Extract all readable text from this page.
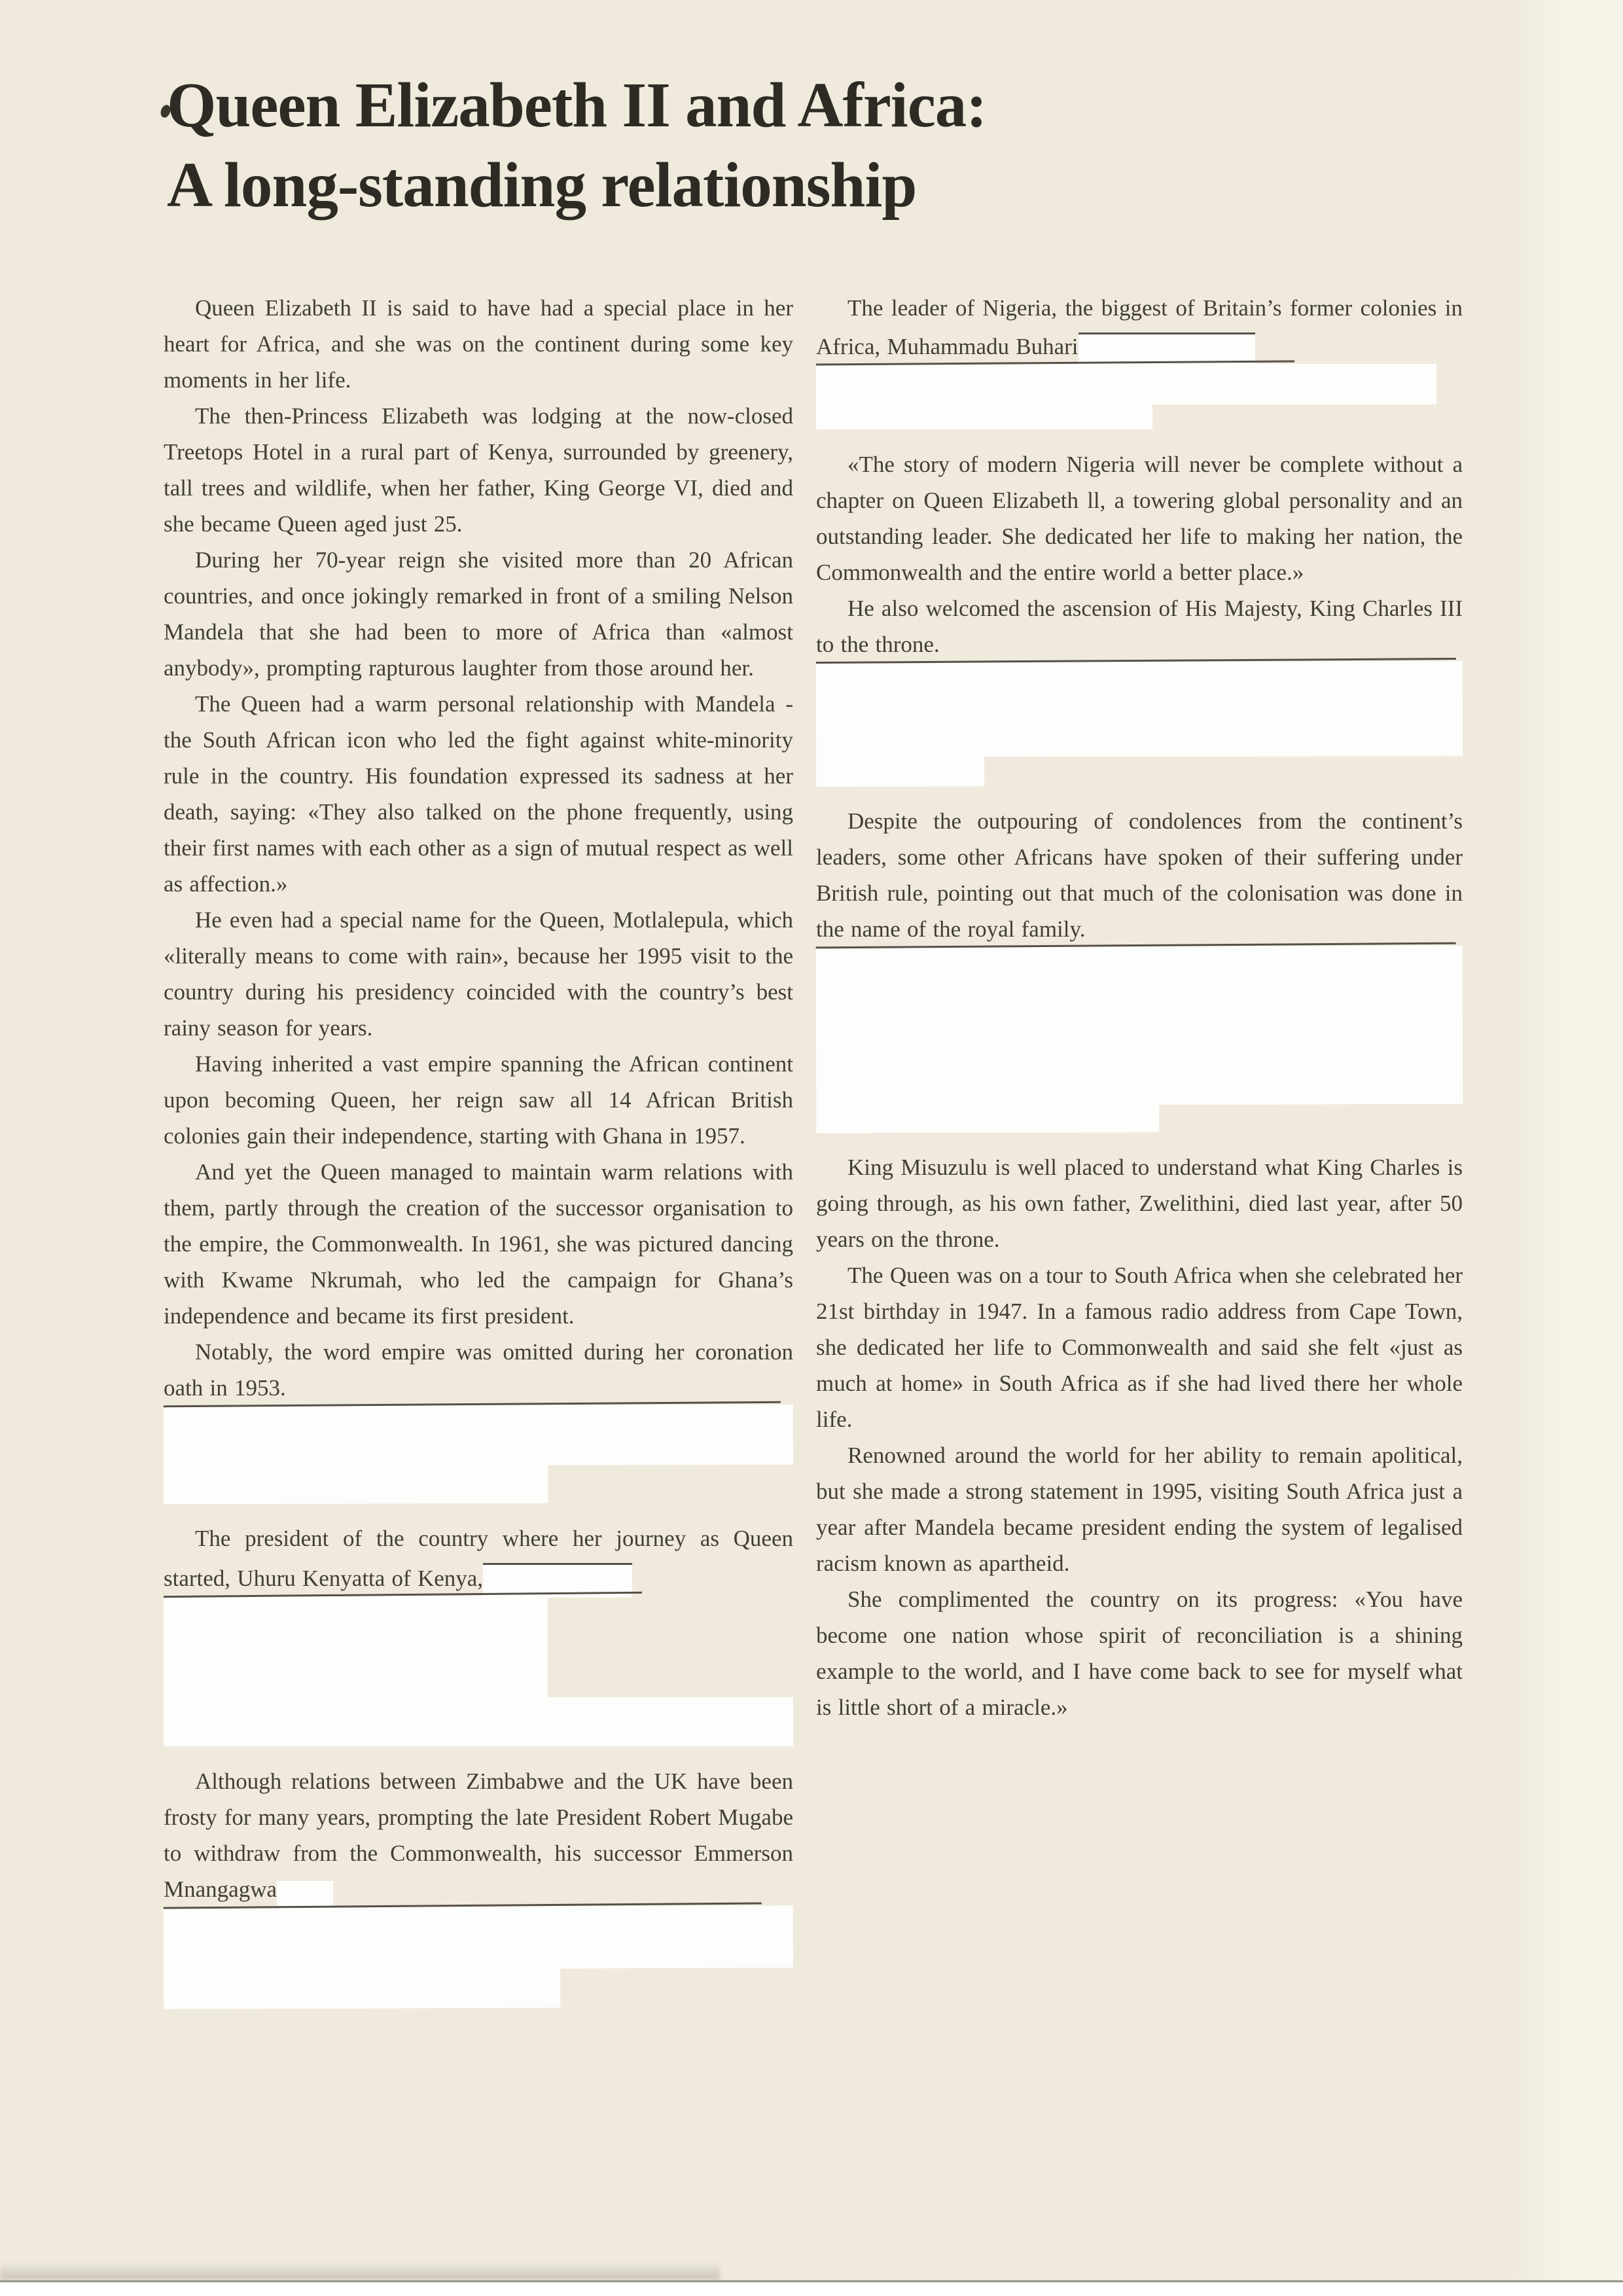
Queen Elizabeth II and Africa:
A long-standing relationship

Queen Elizabeth II is said to have had a special place in her heart for Africa, and she was on the continent during some key moments in her life.

The then-Princess Elizabeth was lodging at the now-closed Treetops Hotel in a rural part of Kenya, surrounded by greenery, tall trees and wildlife, when her father, King George VI, died and she became Queen aged just 25.

During her 70-year reign she visited more than 20 African countries, and once jokingly remarked in front of a smiling Nelson Mandela that she had been to more of Africa than «almost anybody», prompting rapturous laughter from those around her.

The Queen had a warm personal relationship with Mandela - the South African icon who led the fight against white-minority rule in the country. His foundation expressed its sadness at her death, saying: «They also talked on the phone frequently, using their first names with each other as a sign of mutual respect as well as affection.»

He even had a special name for the Queen, Motlalepula, which «literally means to come with rain», because her 1995 visit to the country during his presidency coincided with the country’s best rainy season for years.

Having inherited a vast empire spanning the African continent upon becoming Queen, her reign saw all 14 African British colonies gain their independence, starting with Ghana in 1957.

And yet the Queen managed to maintain warm relations with them, partly through the creation of the successor organisation to the empire, the Commonwealth. In 1961, she was pictured dancing with Kwame Nkrumah, who led the campaign for Ghana’s independence and became its first president.

Notably, the word empire was omitted during her coronation oath in 1953.

The president of the country where her journey as Queen started, Uhuru Kenyatta of Kenya,

Although relations between Zimbabwe and the UK have been frosty for many years, prompting the late President Robert Mugabe to withdraw from the Commonwealth, his successor Emmerson Mnangagwa

The leader of Nigeria, the biggest of Britain’s former colonies in Africa, Muhammadu Buhari

«The story of modern Nigeria will never be complete without a chapter on Queen Elizabeth ll, a towering global personality and an outstanding leader. She dedicated her life to making her nation, the Commonwealth and the entire world a better place.»

He also welcomed the ascension of His Majesty, King Charles III to the throne.

Despite the outpouring of condolences from the continent’s leaders, some other Africans have spoken of their suffering under British rule, pointing out that much of the colonisation was done in the name of the royal family.

King Misuzulu is well placed to understand what King Charles is going through, as his own father, Zwelithini, died last year, after 50 years on the throne.

The Queen was on a tour to South Africa when she celebrated her 21st birthday in 1947. In a famous radio address from Cape Town, she dedicated her life to Commonwealth and said she felt «just as much at home» in South Africa as if she had lived there her whole life.

Renowned around the world for her ability to remain apolitical, but she made a strong statement in 1995, visiting South Africa just a year after Mandela became president ending the system of legalised racism known as apartheid.

She complimented the country on its progress: «You have become one nation whose spirit of reconciliation is a shining example to the world, and I have come back to see for myself what is little short of a miracle.»
